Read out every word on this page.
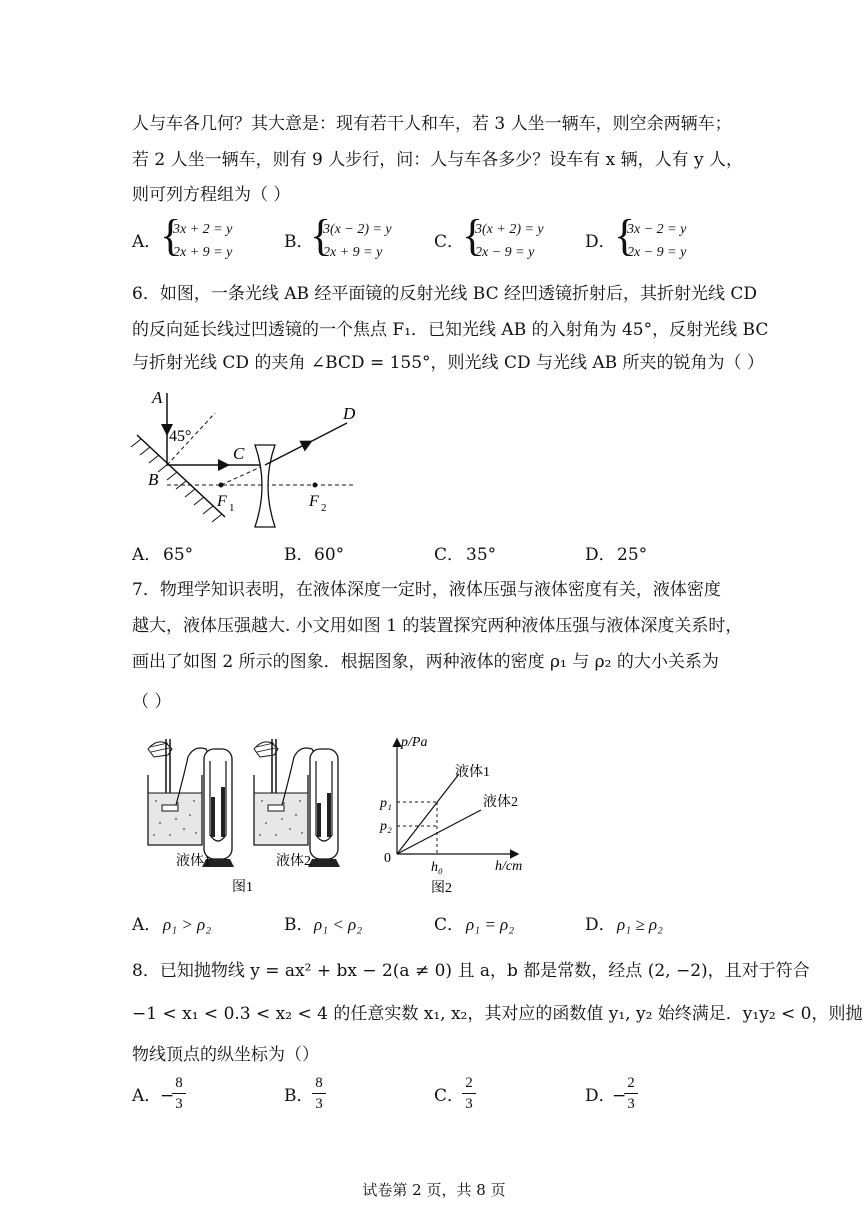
人与车各几何？其大意是：现有若干人和车，若 3 人坐一辆车，则空余两辆车；
若 2 人坐一辆车，则有 9 人步行，问：人与车各多少？设车有 x 辆，人有 y 人，
则可列方程组为（ ）
A．
{
3x + 2 = y
2x + 9 = y
B．
{
3(x − 2) = y
2x + 9 = y
C．
{
3(x + 2) = y
2x − 9 = y
D．
{
3x − 2 = y
2x − 9 = y
6．如图，一条光线 AB 经平面镜的反射光线 BC 经凹透镜折射后，其折射光线 CD
的反向延长线过凹透镜的一个焦点 F₁．已知光线 AB 的入射角为 45°，反射光线 BC
与折射光线 CD 的夹角 ∠BCD = 155°，则光线 CD 与光线 AB 所夹的锐角为（ ）
A
B
C
D
45°
F 1	F 2
A． 65°	B． 60°	C． 35°	D． 25°
7．物理学知识表明，在液体深度一定时，液体压强与液体密度有关，液体密度
越大，液体压强越大. 小文用如图 1 的装置探究两种液体压强与液体深度关系时，
画出了如图 2 所示的图象．根据图象，两种液体的密度 ρ₁ 与 ρ₂ 的大小关系为
（ ）
液体1	液体2
图1
p/Pa
h/cm
0
p₁
p₂
h₀
液体1
液体2
图2
A． ρ₁ > ρ₂	B． ρ₁ < ρ₂	C． ρ₁ = ρ₂	D． ρ₁ ≥ ρ₂
8．已知抛物线 y = ax² + bx − 2(a ≠ 0) 且 a，b 都是常数，经点 (2, −2)，且对于符合
−1 < x₁ < 0.3 < x₂ < 4 的任意实数 x₁, x₂，其对应的函数值 y₁, y₂ 始终满足．y₁y₂ < 0，则抛
物线顶点的纵坐标为（）
A．
−
8
3	B．
8
3	C．
2
3	D．
−
2
3
试卷第 2 页，共 8 页
